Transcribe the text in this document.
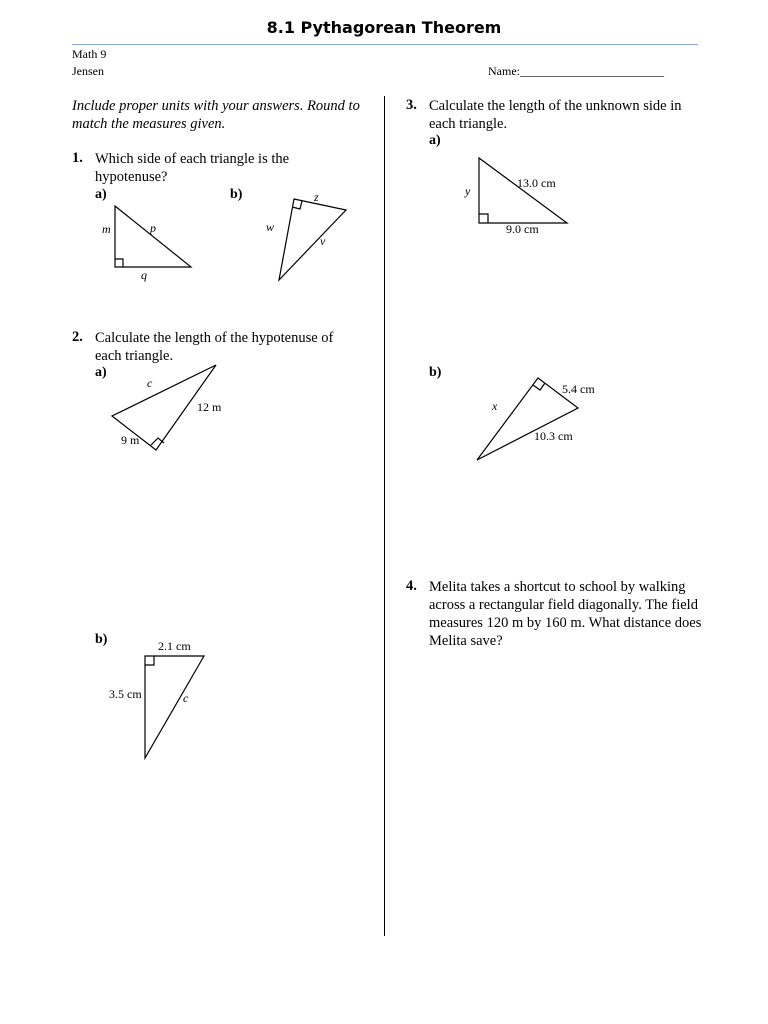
8.1 Pythagorean Theorem
Math 9
Jensen	Name:________________________
Include proper units with your answers. Round to match the measures given.
1. Which side of each triangle is the hypotenuse?
a)	b)
m	p
q
z
w
v
c
12 m
9 m
2.1 cm
3.5 cm	c
13.0 cm
y
9.0 cm
5.4 cm
x
10.3 cm
2. Calculate the length of the hypotenuse of each triangle.
a)
b)
3. Calculate the length of the unknown side in each triangle.
a)
b)
4. Melita takes a shortcut to school by walking across a rectangular field diagonally. The field measures 120 m by 160 m. What distance does Melita save?
